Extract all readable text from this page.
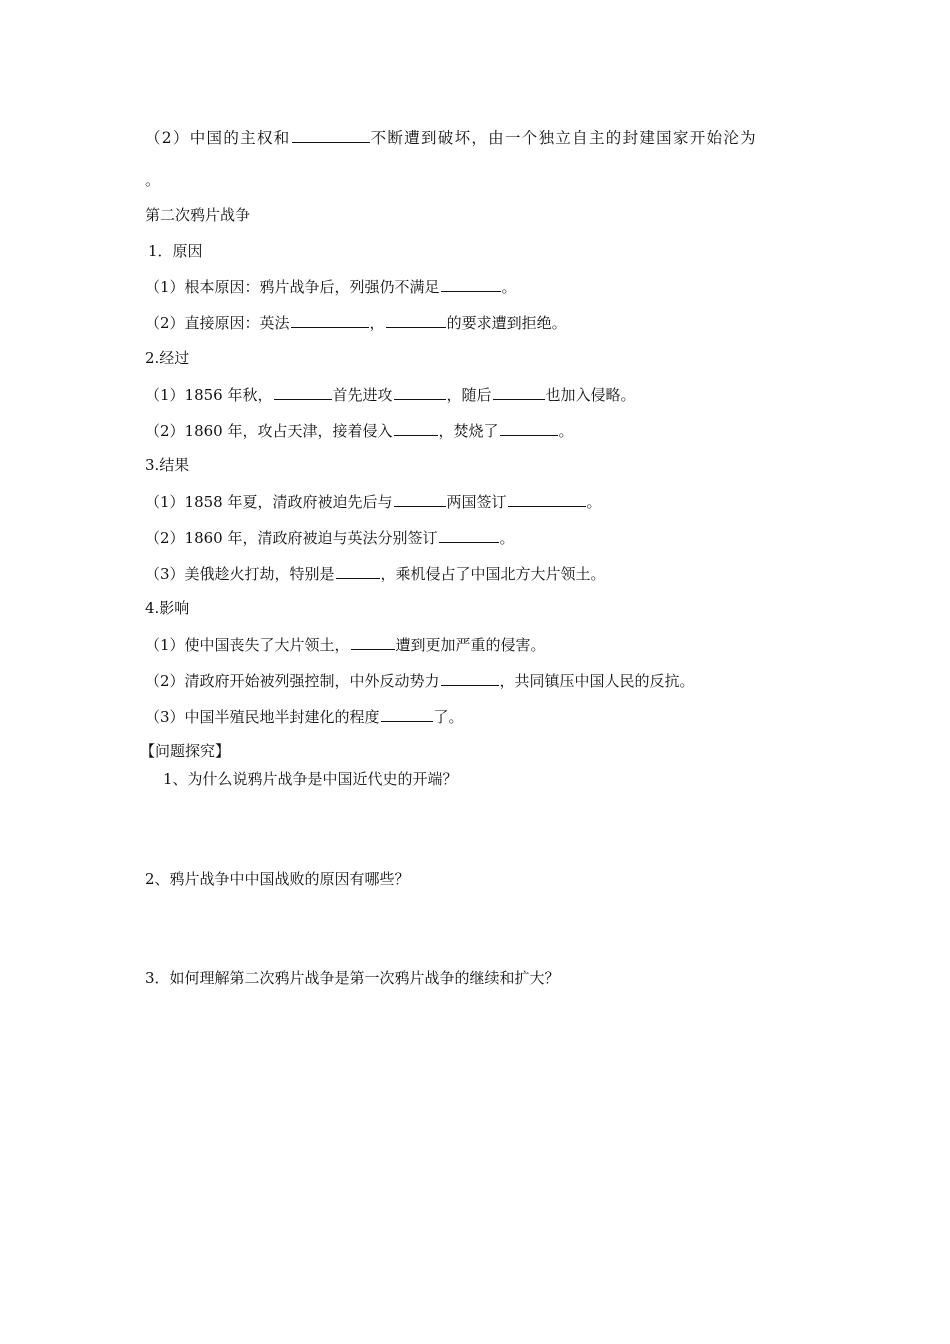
（2）中国的主权和	不断遭到破坏，由一个独立自主的封建国家开始沦为
。
第二次鸦片战争
1．原因
（1）根本原因：鸦片战争后，列强仍不满足	。
（2）直接原因：英法	，	的要求遭到拒绝。
2.经过
（1）1856 年秋，	首先进攻	，随后	也加入侵略。
（2）1860 年，攻占天津，接着侵入	，焚烧了	。
3.结果
（1）1858 年夏，清政府被迫先后与	两国签订	。
（2）1860 年，清政府被迫与英法分别签订	。
（3）美俄趁火打劫，特别是	，乘机侵占了中国北方大片领土。
4.影响
（1）使中国丧失了大片领土，	遭到更加严重的侵害。
（2）清政府开始被列强控制，中外反动势力	，共同镇压中国人民的反抗。
（3）中国半殖民地半封建化的程度	了。
【问题探究】
1、为什么说鸦片战争是中国近代史的开端？
2、鸦片战争中中国战败的原因有哪些？
3．如何理解第二次鸦片战争是第一次鸦片战争的继续和扩大？
